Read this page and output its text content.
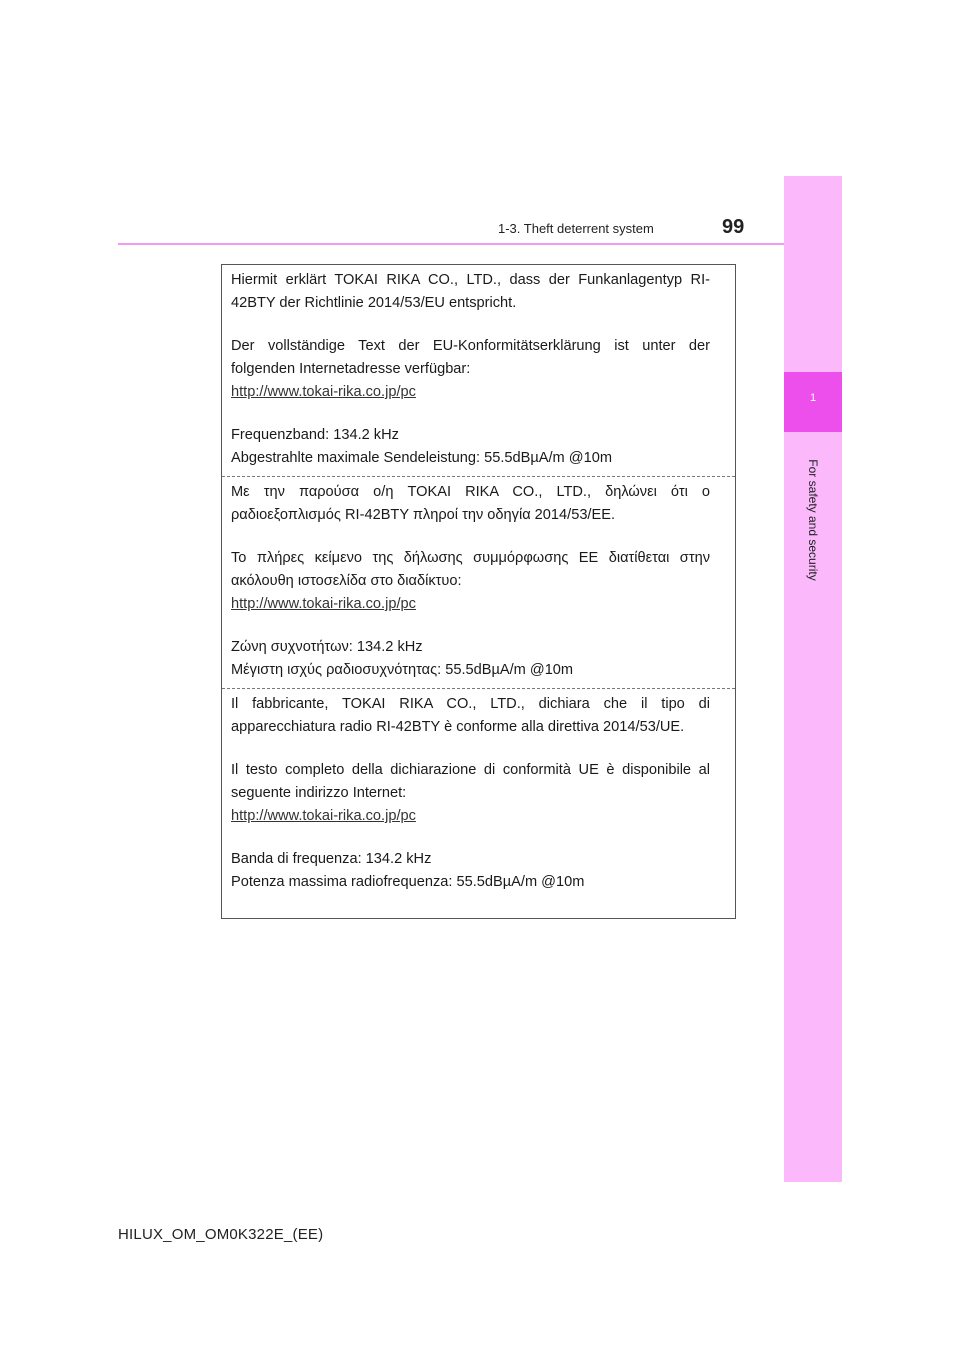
1-3. Theft deterrent system	99
1
For safety and security

Hiermit erklärt TOKAI RIKA CO., LTD., dass der Funkanlagentyp RI-42BTY der Richtlinie 2014/53/EU entspricht.

Der vollständige Text der EU-Konformitätserklärung ist unter der folgenden Internetadresse verfügbar:

http://www.tokai-rika.co.jp/pc

Frequenzband: 134.2 kHz

Abgestrahlte maximale Sendeleistung: 55.5dBµA/m @10m

Με την παρούσα ο/η TOKAI RIKA CO., LTD., δηλώνει ότι ο ραδιοεξοπλισμός RI-42BTY πληροί την οδηγία 2014/53/ΕΕ.

Το πλήρες κείμενο της δήλωσης συμμόρφωσης ΕΕ διατίθεται στην ακόλουθη ιστοσελίδα στο διαδίκτυο:

http://www.tokai-rika.co.jp/pc

Ζώνη συχνοτήτων: 134.2 kHz

Μέγιστη ισχύς ραδιοσυχνότητας: 55.5dBµA/m @10m

Il fabbricante, TOKAI RIKA CO., LTD., dichiara che il tipo di apparecchiatura radio RI-42BTY è conforme alla direttiva 2014/53/UE.

Il testo completo della dichiarazione di conformità UE è disponibile al seguente indirizzo Internet:

http://www.tokai-rika.co.jp/pc

Banda di frequenza: 134.2 kHz

Potenza massima radiofrequenza: 55.5dBµA/m @10m

HILUX_OM_OM0K322E_(EE)
